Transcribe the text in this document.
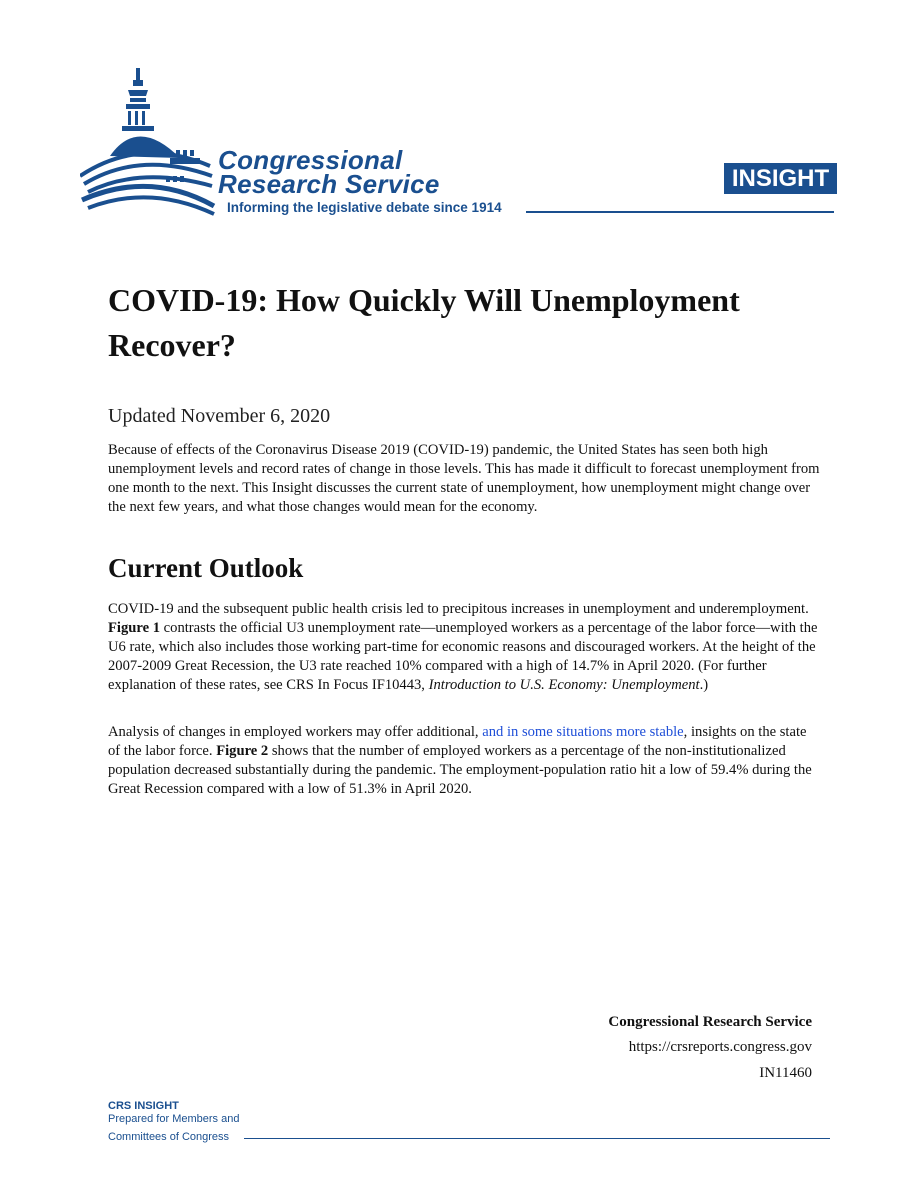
Congressional
Research Service
Informing the legislative debate since 1914
INSIGHT
COVID-19: How Quickly Will Unemployment Recover?

Updated November 6, 2020

Because of effects of the Coronavirus Disease 2019 (COVID-19) pandemic, the United States has seen both high unemployment levels and record rates of change in those levels. This has made it difficult to forecast unemployment from one month to the next. This Insight discusses the current state of unemployment, how unemployment might change over the next few years, and what those changes would mean for the economy.

Current Outlook

COVID-19 and the subsequent public health crisis led to precipitous increases in unemployment and underemployment. Figure 1 contrasts the official U3 unemployment rate—unemployed workers as a percentage of the labor force—with the U6 rate, which also includes those working part-time for economic reasons and discouraged workers. At the height of the 2007-2009 Great Recession, the U3 rate reached 10% compared with a high of 14.7% in April 2020. (For further explanation of these rates, see CRS In Focus IF10443, Introduction to U.S. Economy: Unemployment.)

Analysis of changes in employed workers may offer additional, and in some situations more stable, insights on the state of the labor force. Figure 2 shows that the number of employed workers as a percentage of the non-institutionalized population decreased substantially during the pandemic. The employment-population ratio hit a low of 59.4% during the Great Recession compared with a low of 51.3% in April 2020.

Congressional Research Service
https://crsreports.congress.gov
IN11460
CRS INSIGHT
Prepared for Members and
Committees of Congress
